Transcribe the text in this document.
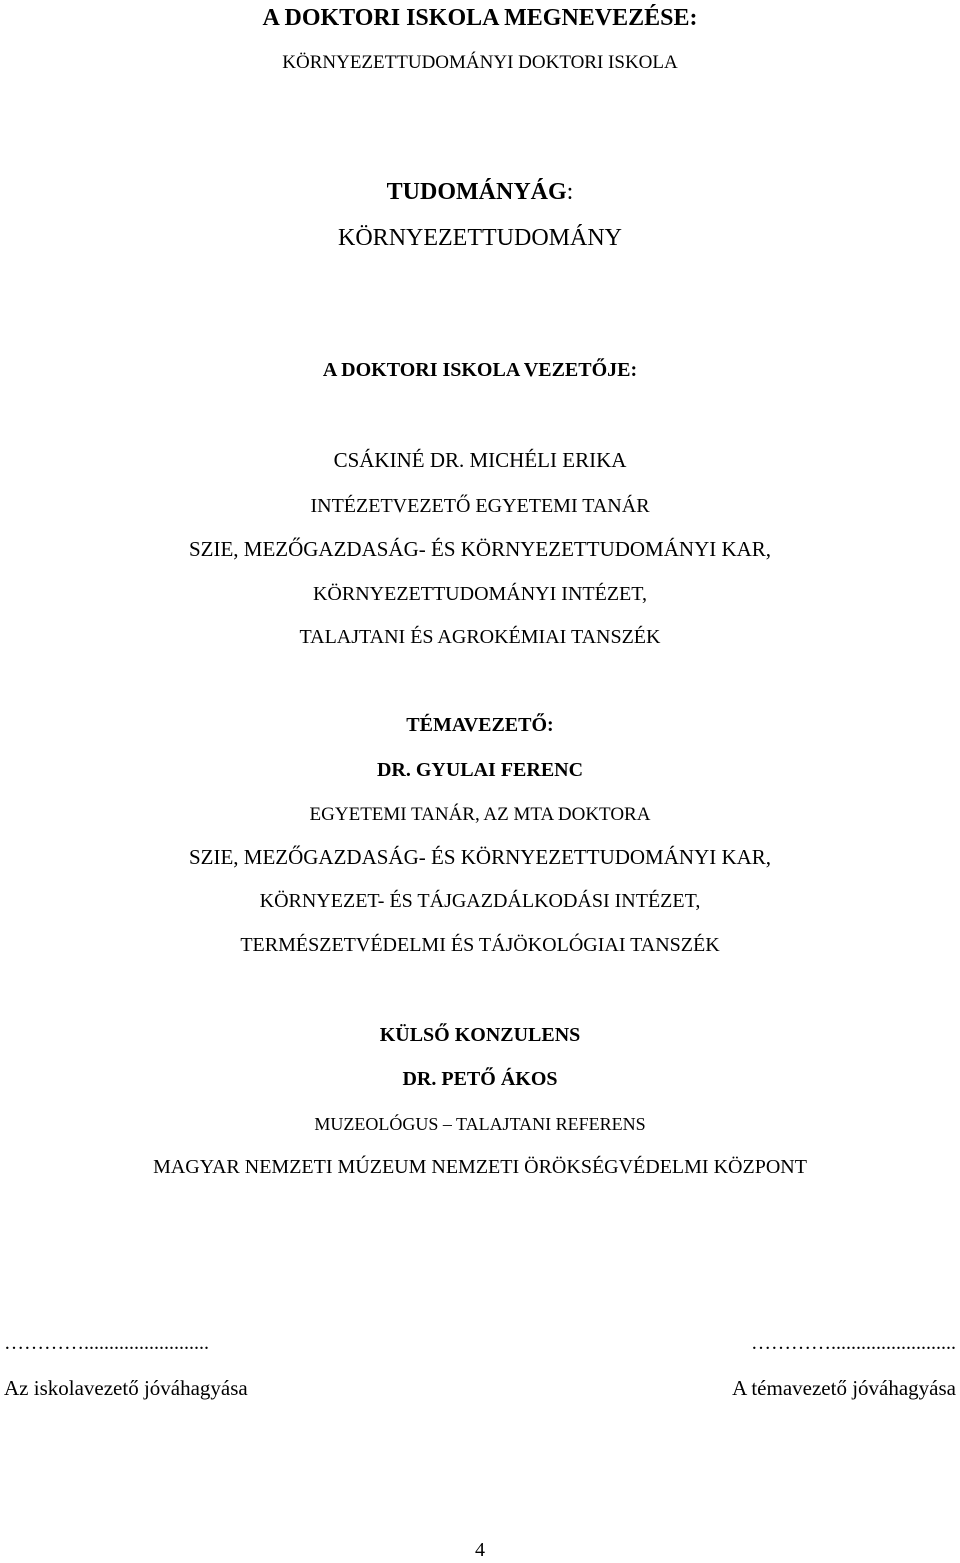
A DOKTORI ISKOLA MEGNEVEZÉSE:
KÖRNYEZETTUDOMÁNYI DOKTORI ISKOLA
TUDOMÁNYÁG:
KÖRNYEZETTUDOMÁNY
A DOKTORI ISKOLA VEZETŐJE:
CSÁKINÉ DR. MICHÉLI ERIKA
INTÉZETVEZETŐ EGYETEMI TANÁR
SZIE, MEZŐGAZDASÁG- ÉS KÖRNYEZETTUDOMÁNYI KAR,
KÖRNYEZETTUDOMÁNYI INTÉZET,
TALAJTANI ÉS AGROKÉMIAI TANSZÉK
TÉMAVEZETŐ:
DR. GYULAI FERENC
EGYETEMI TANÁR, AZ MTA DOKTORA
SZIE, MEZŐGAZDASÁG- ÉS KÖRNYEZETTUDOMÁNYI KAR,
KÖRNYEZET- ÉS TÁJGAZDÁLKODÁSI INTÉZET,
TERMÉSZETVÉDELMI ÉS TÁJÖKOLÓGIAI TANSZÉK
KÜLSŐ KONZULENS
DR. PETŐ ÁKOS
MUZEOLÓGUS – TALAJTANI REFERENS
MAGYAR NEMZETI MÚZEUM NEMZETI ÖRÖKSÉGVÉDELMI KÖZPONT
………….........................
Az iskolavezető jóváhagyása
………….........................
A témavezető jóváhagyása
4
